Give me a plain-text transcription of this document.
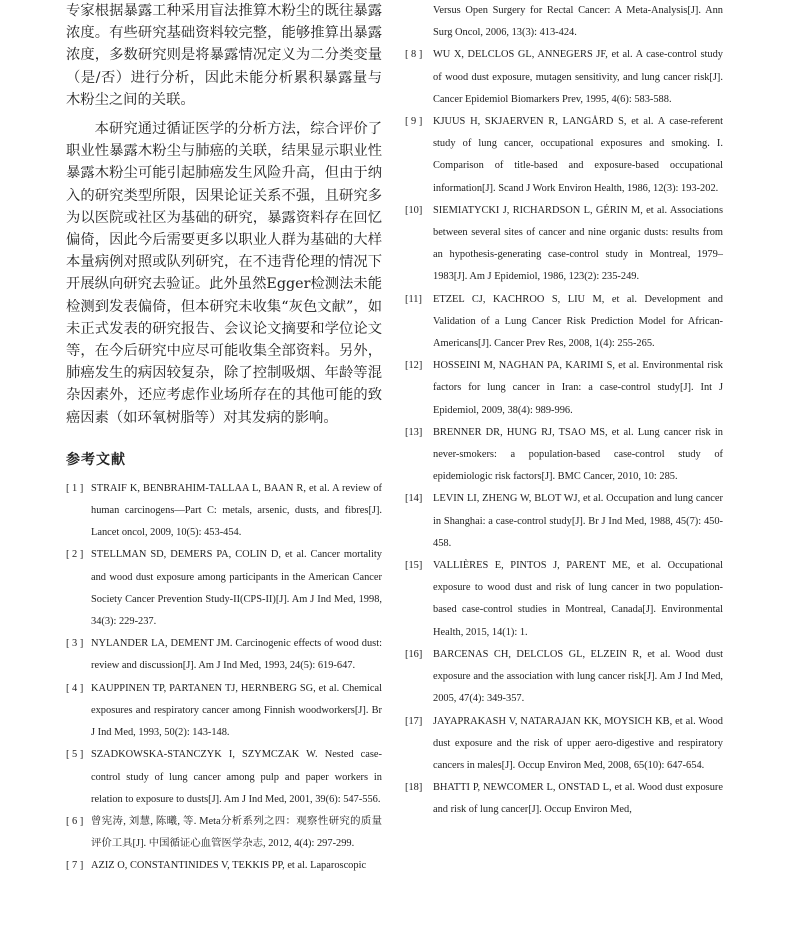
专家根据暴露工种采用盲法推算木粉尘的既往暴露浓度。有些研究基础资料较完整，能够推算出暴露浓度，多数研究则是将暴露情况定义为二分类变量（是/否）进行分析，因此未能分析累积暴露量与木粉尘之间的关联。

本研究通过循证医学的分析方法，综合评价了职业性暴露木粉尘与肺癌的关联，结果显示职业性暴露木粉尘可能引起肺癌发生风险升高，但由于纳入的研究类型所限，因果论证关系不强，且研究多为以医院或社区为基础的研究，暴露资料存在回忆偏倚，因此今后需要更多以职业人群为基础的大样本量病例对照或队列研究，在不违背伦理的情况下开展纵向研究去验证。此外虽然Egger检测法未能检测到发表偏倚，但本研究未收集“灰色文献”，如未正式发表的研究报告、会议论文摘要和学位论文等，在今后研究中应尽可能收集全部资料。另外，肺癌发生的病因较复杂，除了控制吸烟、年龄等混杂因素外，还应考虑作业场所存在的其他可能的致癌因素（如环氧树脂等）对其发病的影响。

参考文献

[ 1 ] STRAIF K, BENBRAHIM-TALLAA L, BAAN R, et al. A review of human carcinogens—Part C: metals, arsenic, dusts, and fibres[J]. Lancet oncol, 2009, 10(5): 453-454.

[ 2 ] STELLMAN SD, DEMERS PA, COLIN D, et al. Cancer mortality and wood dust exposure among participants in the American Cancer Society Cancer Prevention Study-II(CPS-II)[J]. Am J Ind Med, 1998, 34(3): 229-237.

[ 3 ] NYLANDER LA, DEMENT JM. Carcinogenic effects of wood dust: review and discussion[J]. Am J Ind Med, 1993, 24(5): 619-647.

[ 4 ] KAUPPINEN TP, PARTANEN TJ, HERNBERG SG, et al. Chemical exposures and respiratory cancer among Finnish woodworkers[J]. Br J Ind Med, 1993, 50(2): 143-148.

[ 5 ] SZADKOWSKA-STANCZYK I, SZYMCZAK W. Nested case-control study of lung cancer among pulp and paper workers in relation to exposure to dusts[J]. Am J Ind Med, 2001, 39(6): 547-556.

[ 6 ] 曾宪涛, 刘慧, 陈曦, 等. Meta分析系列之四：观察性研究的质量评价工具[J]. 中国循证心血管医学杂志, 2012, 4(4): 297-299.

[ 7 ] AZIZ O, CONSTANTINIDES V, TEKKIS PP, et al. Laparoscopic

Versus Open Surgery for Rectal Cancer: A Meta-Analysis[J]. Ann Surg Oncol, 2006, 13(3): 413-424.

[ 8 ] WU X, DELCLOS GL, ANNEGERS JF, et al. A case-control study of wood dust exposure, mutagen sensitivity, and lung cancer risk[J]. Cancer Epidemiol Biomarkers Prev, 1995, 4(6): 583-588.

[ 9 ] KJUUS H, SKJAERVEN R, LANGÅRD S, et al. A case-referent study of lung cancer, occupational exposures and smoking. I. Comparison of title-based and exposure-based occupational information[J]. Scand J Work Environ Health, 1986, 12(3): 193-202.

[10] SIEMIATYCKI J, RICHARDSON L, GÉRIN M, et al. Associations between several sites of cancer and nine organic dusts: results from an hypothesis-generating case-control study in Montreal, 1979–1983[J]. Am J Epidemiol, 1986, 123(2): 235-249.

[11] ETZEL CJ, KACHROO S, LIU M, et al. Development and Validation of a Lung Cancer Risk Prediction Model for African-Americans[J]. Cancer Prev Res, 2008, 1(4): 255-265.

[12] HOSSEINI M, NAGHAN PA, KARIMI S, et al. Environmental risk factors for lung cancer in Iran: a case-control study[J]. Int J Epidemiol, 2009, 38(4): 989-996.

[13] BRENNER DR, HUNG RJ, TSAO MS, et al. Lung cancer risk in never-smokers: a population-based case-control study of epidemiologic risk factors[J]. BMC Cancer, 2010, 10: 285.

[14] LEVIN LI, ZHENG W, BLOT WJ, et al. Occupation and lung cancer in Shanghai: a case-control study[J]. Br J Ind Med, 1988, 45(7): 450-458.

[15] VALLIÈRES E, PINTOS J, PARENT ME, et al. Occupational exposure to wood dust and risk of lung cancer in two population-based case-control studies in Montreal, Canada[J]. Environmental Health, 2015, 14(1): 1.

[16] BARCENAS CH, DELCLOS GL, ELZEIN R, et al. Wood dust exposure and the association with lung cancer risk[J]. Am J Ind Med, 2005, 47(4): 349-357.

[17] JAYAPRAKASH V, NATARAJAN KK, MOYSICH KB, et al. Wood dust exposure and the risk of upper aero-digestive and respiratory cancers in males[J]. Occup Environ Med, 2008, 65(10): 647-654.

[18] BHATTI P, NEWCOMER L, ONSTAD L, et al. Wood dust exposure and risk of lung cancer[J]. Occup Environ Med,
